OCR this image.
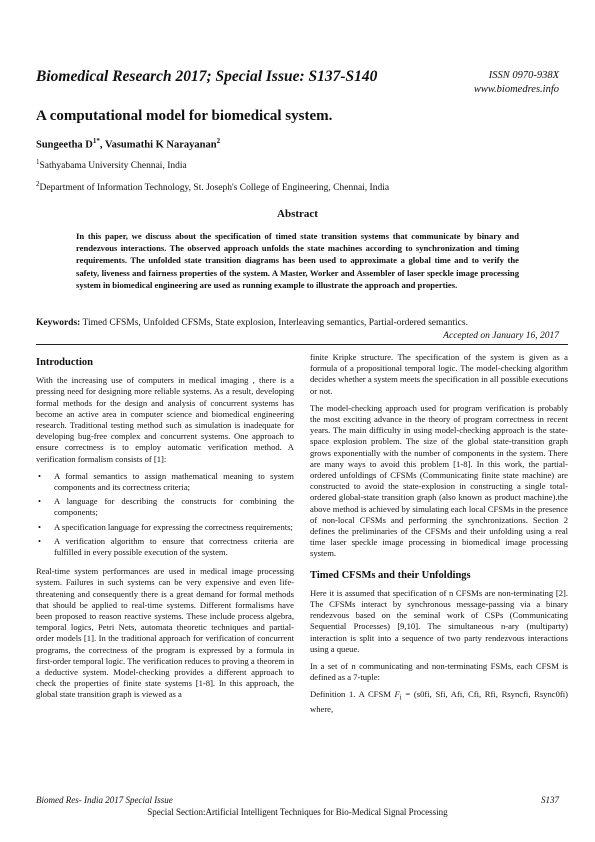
Biomedical Research 2017; Special Issue: S137-S140	ISSN 0970-938X
www.biomedres.info
A computational model for biomedical system.
Sungeetha $D^{1*}$, Vasumathi K Narayanan$^2$
$^1$Sathyabama University Chennai, India
$^2$Department of Information Technology, St. Joseph's College of Engineering, Chennai, India
Abstract
In this paper, we discuss about the specification of timed state transition systems that communicate by binary and rendezvous interactions. The observed approach unfolds the state machines according to synchronization and timing requirements. The unfolded state transition diagrams has been used to approximate a global time and to verify the safety, liveness and fairness properties of the system. A Master, Worker and Assembler of laser speckle image processing system in biomedical engineering are used as running example to illustrate the approach and properties.
Keywords: Timed CFSMs, Unfolded CFSMs, State explosion, Interleaving semantics, Partial-ordered semantics.
Accepted on January 16, 2017
Introduction

With the increasing use of computers in medical imaging , there is a pressing need for designing more reliable systems. As a result, developing formal methods for the design and analysis of concurrent systems has become an active area in computer science and biomedical engineering research. Traditional testing method such as simulation is inadequate for developing bug-free complex and concurrent systems. One approach to ensure correctness is to employ automatic verification method. A verification formalism consists of [1]:

• A formal semantics to assign mathematical meaning to system components and its correctness criteria;
• A language for describing the constructs for combining the components;
• A specification language for expressing the correctness requirements;
• A verification algorithm to ensure that correctness criteria are fulfilled in every possible execution of the system.

Real-time system performances are used in medical image processing system. Failures in such systems can be very expensive and even life-threatening and consequently there is a great demand for formal methods that should be applied to real-time systems. Different formalisms have been proposed to reason reactive systems. These include process algebra, temporal logics, Petri Nets, automata theoretic techniques and partial-order models [1]. In the traditional approach for verification of concurrent programs, the correctness of the program is expressed by a formula in first-order temporal logic. The verification reduces to proving a theorem in a deductive system. Model-checking provides a different approach to check the properties of finite state systems [1-8]. In this approach, the global state transition graph is viewed as a

finite Kripke structure. The specification of the system is given as a formula of a propositional temporal logic. The model-checking algorithm decides whether a system meets the specification in all possible executions or not.

The model-checking approach used for program verification is probably the most exciting advance in the theory of program correctness in recent years. The main difficulty in using model-checking approach is the state-space explosion problem. The size of the global state-transition graph grows exponentially with the number of components in the system. There are many ways to avoid this problem [1-8]. In this work, the partial-ordered unfoldings of CFSMs (Communicating finite state machine) are constructed to avoid the state-explosion in constructing a single total-ordered global-state transition graph (also known as product machine).the above method is achieved by simulating each local CFSMs in the presence of non-local CFSMs and performing the synchronizations. Section 2 defines the preliminaries of the CFSMs and their unfolding using a real time laser speckle image processing in biomedical image processing system.

Timed CFSMs and their Unfoldings

Here it is assumed that specification of n CFSMs are non-terminating [2]. The CFSMs interact by synchronous message-passing via a binary rendezvous based on the seminal work of CSPs (Communicating Sequential Processes) [9,10]. The simultaneous n-ary (multiparty) interaction is split into a sequence of two party rendezvous interactions using a queue.

In a set of n communicating and non-terminating FSMs, each CFSM is defined as a 7-tuple:

Definition 1. A CFSM $F_i = (s0fi$, Sfi, Afi, Cfi, Rfi, Rsyncfi, Rsync0fi) where,

Biomed Res- India 2017 Special Issue	S137
Special Section:Artificial Intelligent Techniques for Bio-Medical Signal Processing
